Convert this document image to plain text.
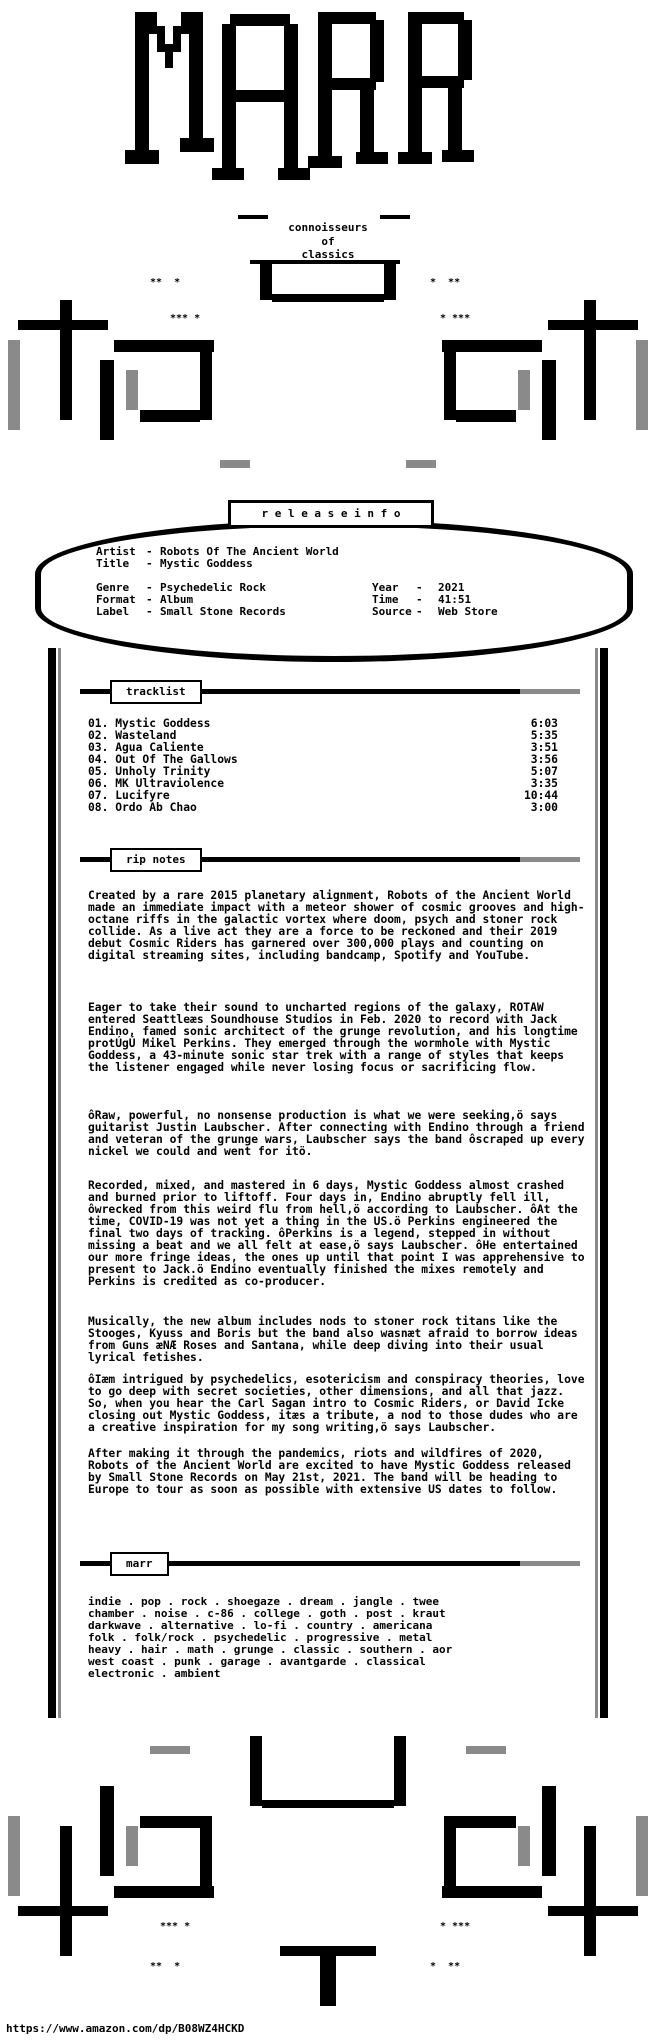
connoisseurs
of
classics
**  *
*** *
*  **
* ***
r e l e a s e i n f o
Artist - Robots Of The Ancient World
Title - Mystic Goddess
Genre - Psychedelic Rock
Format - Album
Label - Small Stone Records
Year - 2021
Time - 41:51
Source - Web Store
tracklist
01. Mystic Goddess	6:03
02. Wasteland	5:35
03. Agua Caliente	3:51
04. Out Of The Gallows	3:56
05. Unholy Trinity	5:07
06. MK Ultraviolence	3:35
07. Lucifyre	10:44
08. Ordo Ab Chao	3:00
rip notes
Created by a rare 2015 planetary alignment, Robots of the Ancient World made an immediate impact with a meteor shower of cosmic grooves and high-octane riffs in the galactic vortex where doom, psych and stoner rock collide. As a live act they are a force to be reckoned and their 2019 debut Cosmic Riders has garnered over 300,000 plays and counting on digital streaming sites, including bandcamp, Spotify and YouTube.
Eager to take their sound to uncharted regions of the galaxy, ROTAW entered Seattleæs Soundhouse Studios in Feb. 2020 to record with Jack Endino, famed sonic architect of the grunge revolution, and his longtime protÚgÚ Mikel Perkins. They emerged through the wormhole with Mystic Goddess, a 43-minute sonic star trek with a range of styles that keeps the listener engaged while never losing focus or sacrificing flow.
ôRaw, powerful, no nonsense production is what we were seeking,ö says guitarist Justin Laubscher. After connecting with Endino through a friend and veteran of the grunge wars, Laubscher says the band ôscraped up every nickel we could and went for itö.
Recorded, mixed, and mastered in 6 days, Mystic Goddess almost crashed and burned prior to liftoff. Four days in, Endino abruptly fell ill, ôwrecked from this weird flu from hell,ö according to Laubscher. ôAt the time, COVID-19 was not yet a thing in the US.ö Perkins engineered the final two days of tracking. ôPerkins is a legend, stepped in without missing a beat and we all felt at ease,ö says Laubscher. ôHe entertained our more fringe ideas, the ones up until that point I was apprehensive to present to Jack.ö Endino eventually finished the mixes remotely and Perkins is credited as co-producer.
Musically, the new album includes nods to stoner rock titans like the Stooges, Kyuss and Boris but the band also wasnæt afraid to borrow ideas from Guns æNÆ Roses and Santana, while deep diving into their usual lyrical fetishes.
ôIæm intrigued by psychedelics, esotericism and conspiracy theories, love to go deep with secret societies, other dimensions, and all that jazz. So, when you hear the Carl Sagan intro to Cosmic Riders, or David Icke closing out Mystic Goddess, itæs a tribute, a nod to those dudes who are a creative inspiration for my song writing,ö says Laubscher.
After making it through the pandemics, riots and wildfires of 2020, Robots of the Ancient World are excited to have Mystic Goddess released by Small Stone Records on May 21st, 2021. The band will be heading to Europe to tour as soon as possible with extensive US dates to follow.
marr
indie . pop . rock . shoegaze . dream . jangle . twee
chamber . noise . c-86 . college . goth . post . kraut
darkwave . alternative . lo-fi . country . americana
folk . folk/rock . psychedelic . progressive . metal
heavy . hair . math . grunge . classic . southern . aor
west coast . punk . garage . avantgarde . classical
electronic . ambient
*** *
**  *
* ***
*  **
https://www.amazon.com/dp/B08WZ4HCKD
